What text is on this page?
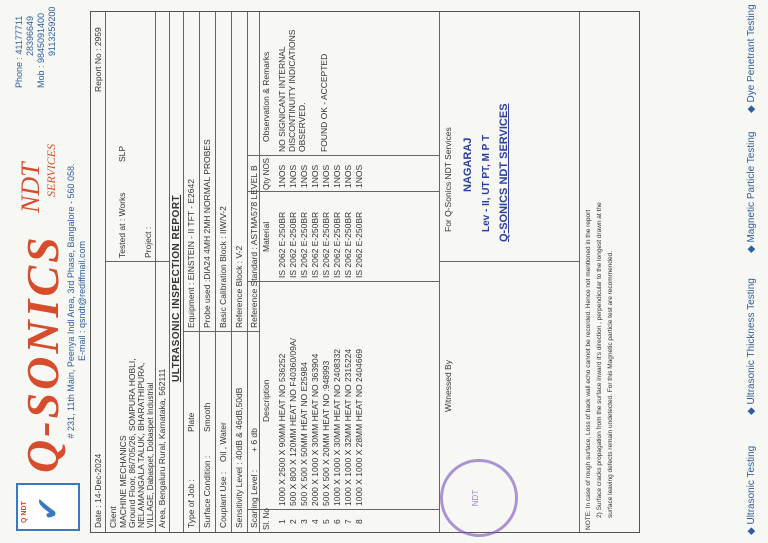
Q NDT ✔
Q-SONICS
NDT SERVICES # 231, 11th Main, Peenya Indl Area, 3rd Phase, Bangalore - 560 058. E-mail : qsndt@rediffmail.com
Phone : 41177711 28396649 Mob : 9845091400 9113259200
Date : 14-Dec-2024
Report No : 2959
Client MACHINE MECHANICS Ground Floor, 86/705/26, SOMPURA HOBLI, NELAMANGALA TALUK, BHARATHIPURA, VILLAGE, Dabaspet, Dobaspet Industrial Area, Bengaluru Rural, Karnataka, 562111
Tested at : Works
SLP
Project : ULTRASONIC INSPECTION REPORT
Type of Job :
Plate
Equipment : EINSTEIN - II TFT - E2642
Surface Condition :
Smooth
Probe used :DIA24 4MH 2MH NORMAL PROBES
Couplant Use :
Oil , Water
Basic Calibration Block : IIW/V-2
Sensitivity Level : 40dB & 46dB,50dB
Reference Block : V-2
Scaning Level :
+ 6 db
Reference Standard : ASTMA578 LEVEL B
Sl. No
Description
Material
Qty NOS
Observation & Remarks
1
1000 X 2500 X 90MM HEAT NO 536252
IS 2062 E-250BR
1NOS
2
500 X 800 X 120MM HEAT NO F40360/09A/
IS 2062 E-250BR
1NOS
3
500 X 500 X 50MM HEAT NO E25984
IS 2062 E-250BR
1NOS
4
2000 X 1000 X 30MM HEAT NO 363904
IS 2062 E-250BR
1NOS
5
500 X 500 X 20MM HEAT NO :948993
IS 2062 E-250BR
1NOS
6
1000 X 1000 X 30MM HEAT NO 2408332
IS 2062 E-250BR
1NOS
7
1000 X 1000 X 32MM HEAT NO 2315224
IS 2062 E-250BR
1NOS
8
1000 X 1000 X 28MM HEAT NO 2404669
IS 2062 E-250BR
1NOS
NO SIGNICANT INTERNAL DISCONTINUITY INDICATIONS OBSERVED. FOUND OK - ACCEPTED
Witnessed By
For Q-Sonics NDT Services NAGARAJ Lev - II, UT PT, M P T Q-SONICS NDT SERVICES
NOTE: In case of rough surface, Loss of back wall echo cannot be recorded. Hence not mentioned in the report 2) Surface cracks propagation from the surface inward it's direction , perpendicular to the longest drawn at the surface leaving defects remain undetected. For this Magnetic particle test are recommended.
NDT
◆ Ultrasonic Testing
◆ Ultrasonic Thickness Testing
◆ Magnetic Particle Testing
◆ Dye Penetrant Testing
